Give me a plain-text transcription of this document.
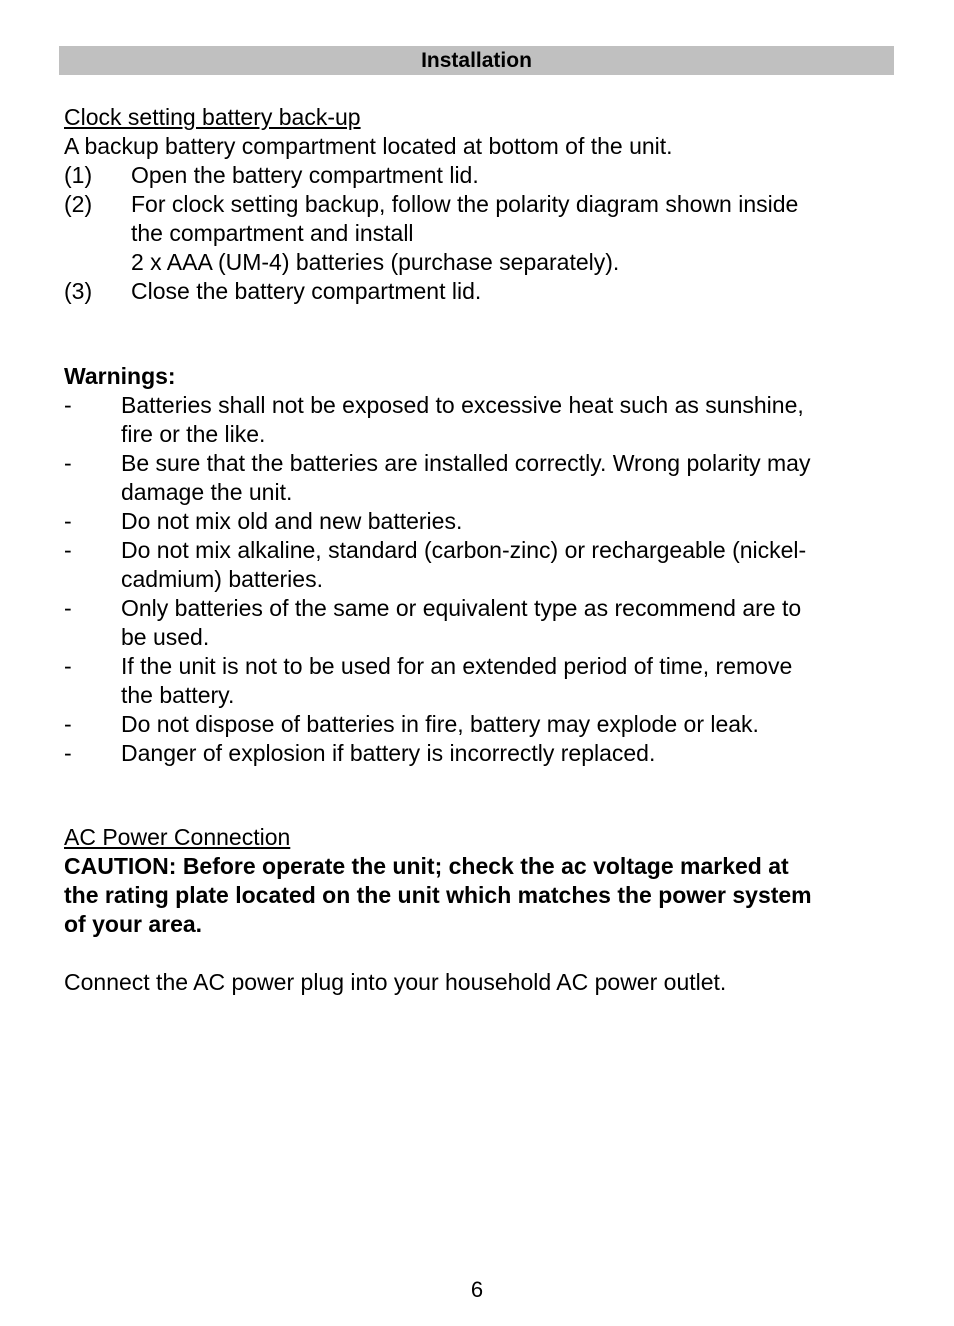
Installation
Clock setting battery back-up
A backup battery compartment located at bottom of the unit.
(1)	Open the battery compartment lid.
(2)	For clock setting backup, follow the polarity diagram shown inside
the compartment and install
2 x AAA (UM-4) batteries (purchase separately).
(3)	Close the battery compartment lid.
Warnings:
-	Batteries shall not be exposed to excessive heat such as sunshine,
fire or the like.
-	Be sure that the batteries are installed correctly. Wrong polarity may
damage the unit.
-	Do not mix old and new batteries.
-	Do not mix alkaline, standard (carbon-zinc) or rechargeable (nickel-
cadmium) batteries.
-	Only batteries of the same or equivalent type as recommend are to
be used.
-	If the unit is not to be used for an extended period of time, remove
the battery.
-	Do not dispose of batteries in fire, battery may explode or leak.
-	Danger of explosion if battery is incorrectly replaced.
AC Power Connection
CAUTION: Before operate the unit; check the ac voltage marked at
the rating plate located on the unit which matches the power system
of your area.
Connect the AC power plug into your household AC power outlet.
6
